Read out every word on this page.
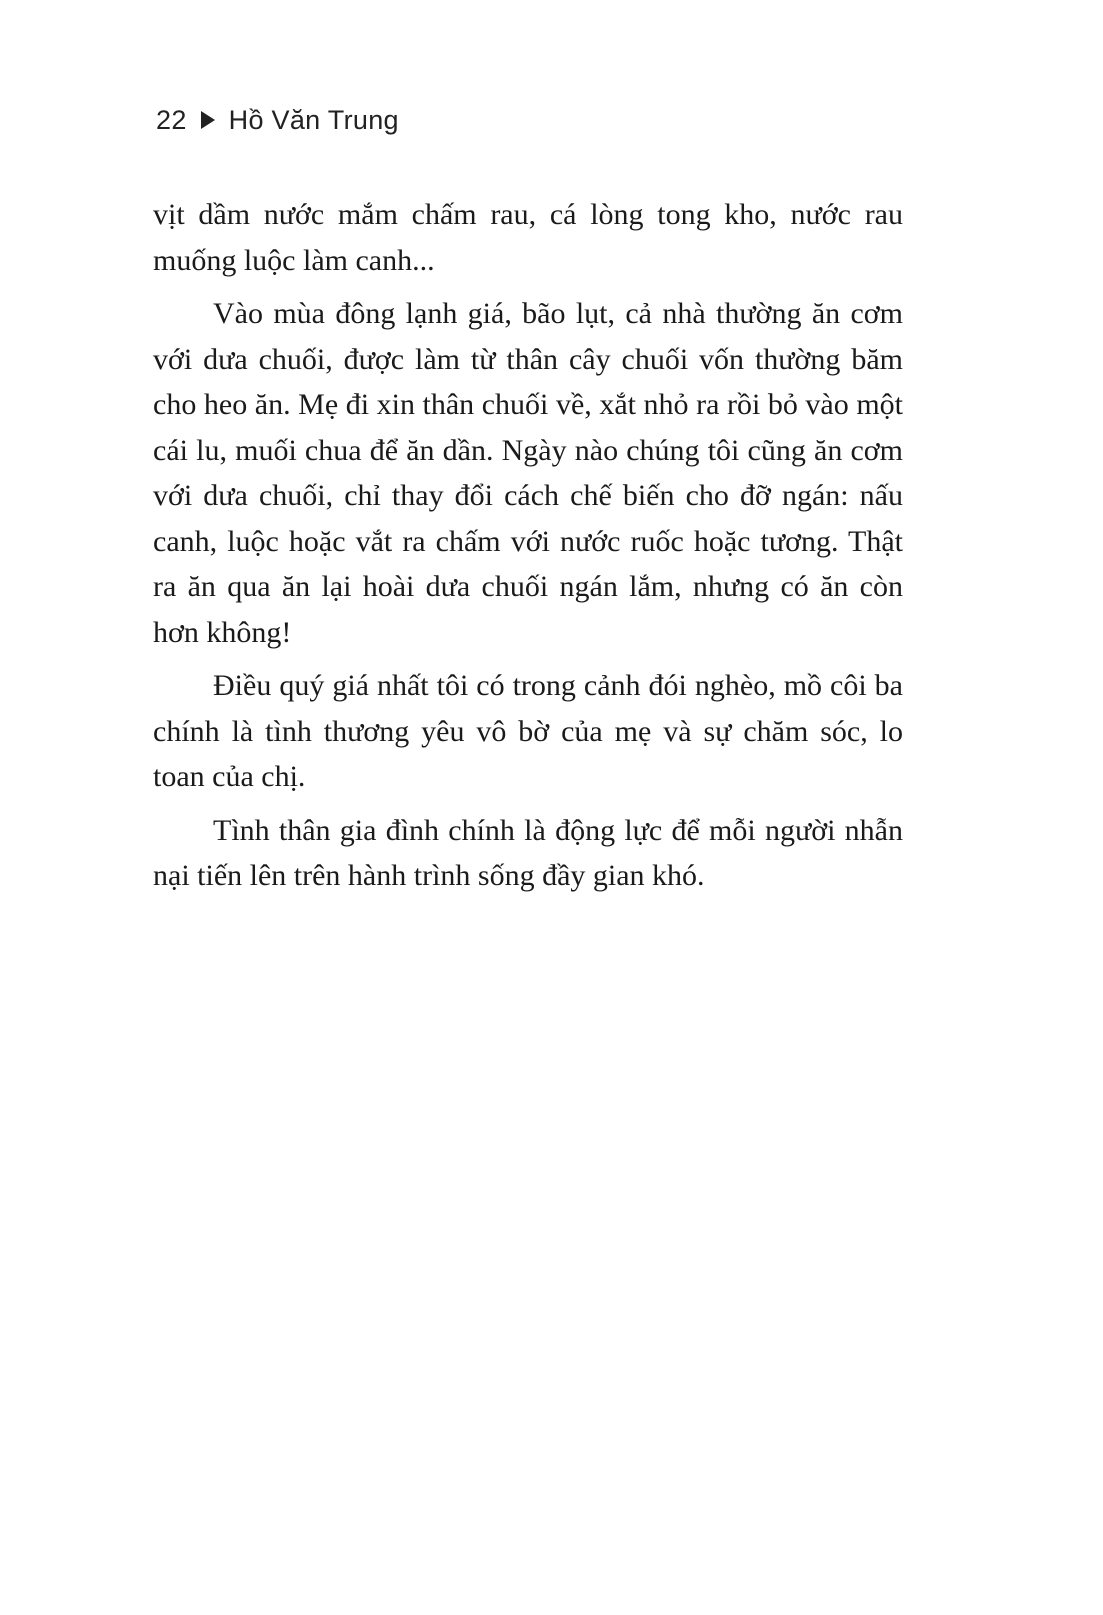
22 Hồ Văn Trung

vịt dầm nước mắm chấm rau, cá lòng tong kho, nước rau muống luộc làm canh...

Vào mùa đông lạnh giá, bão lụt, cả nhà thường ăn cơm với dưa chuối, được làm từ thân cây chuối vốn thường băm cho heo ăn. Mẹ đi xin thân chuối về, xắt nhỏ ra rồi bỏ vào một cái lu, muối chua để ăn dần. Ngày nào chúng tôi cũng ăn cơm với dưa chuối, chỉ thay đổi cách chế biến cho đỡ ngán: nấu canh, luộc hoặc vắt ra chấm với nước ruốc hoặc tương. Thật ra ăn qua ăn lại hoài dưa chuối ngán lắm, nhưng có ăn còn hơn không!

Điều quý giá nhất tôi có trong cảnh đói nghèo, mồ côi ba chính là tình thương yêu vô bờ của mẹ và sự chăm sóc, lo toan của chị.

Tình thân gia đình chính là động lực để mỗi người nhẫn nại tiến lên trên hành trình sống đầy gian khó.
